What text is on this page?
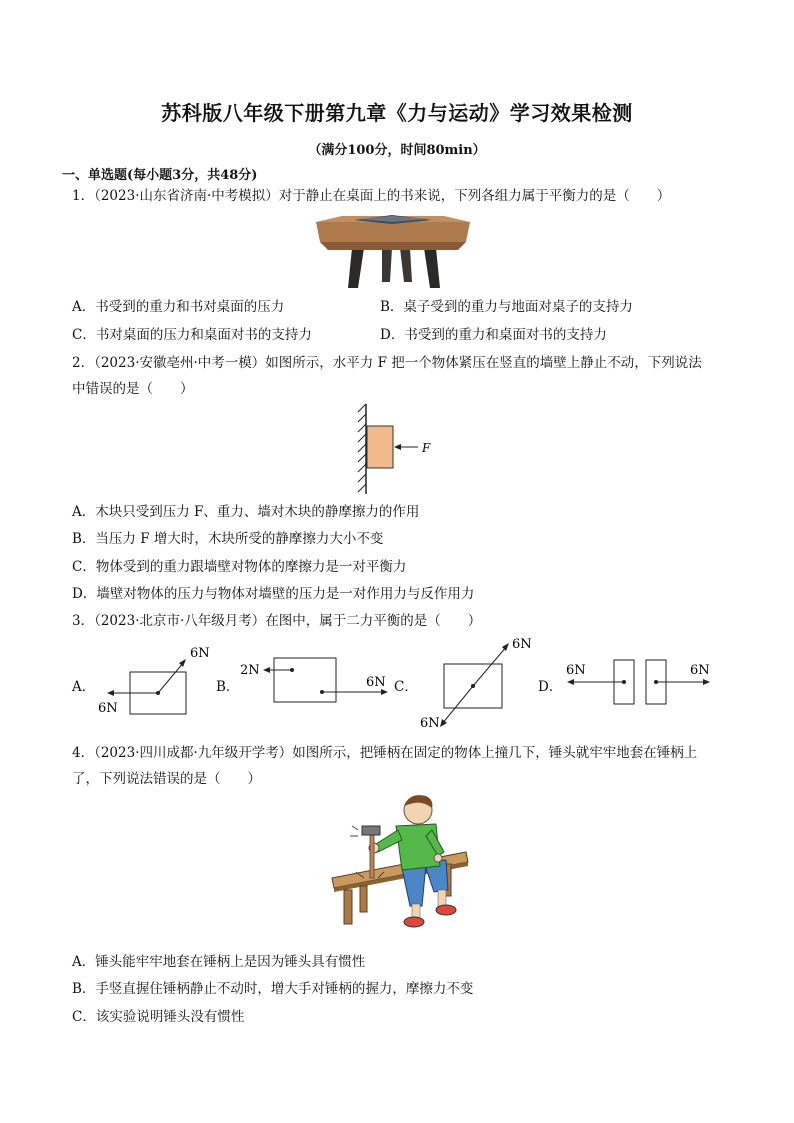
苏科版八年级下册第九章《力与运动》学习效果检测
（满分100分，时间80min）
一、单选题(每小题3分，共48分)
1．（2023·山东省济南·中考模拟）对于静止在桌面上的书来说，下列各组力属于平衡力的是（　　）
A．书受到的重力和书对桌面的压力	B．桌子受到的重力与地面对桌子的支持力
C．书对桌面的压力和桌面对书的支持力	D．书受到的重力和桌面对书的支持力
2．（2023·安徽亳州·中考一模）如图所示，水平力 F 把一个物体紧压在竖直的墙壁上静止不动，下列说法
中错误的是（　　）
F
A．木块只受到压力 F、重力、墙对木块的静摩擦力的作用
B．当压力 F 增大时，木块所受的静摩擦力大小不变
C．物体受到的重力跟墙壁对物体的摩擦力是一对平衡力
D．墙壁对物体的压力与物体对墙壁的压力是一对作用力与反作用力
3．（2023·北京市·八年级月考）在图中，属于二力平衡的是（　　）
A．
6N
6N
B．
2N
6N C．
6N
6N
D．
6N	6N
4．（2023·四川成都·九年级开学考）如图所示，把锤柄在固定的物体上撞几下，锤头就牢牢地套在锤柄上
了，下列说法错误的是（　　）
A．锤头能牢牢地套在锤柄上是因为锤头具有惯性
B．手竖直握住锤柄静止不动时，增大手对锤柄的握力，摩擦力不变
C．该实验说明锤头没有惯性
